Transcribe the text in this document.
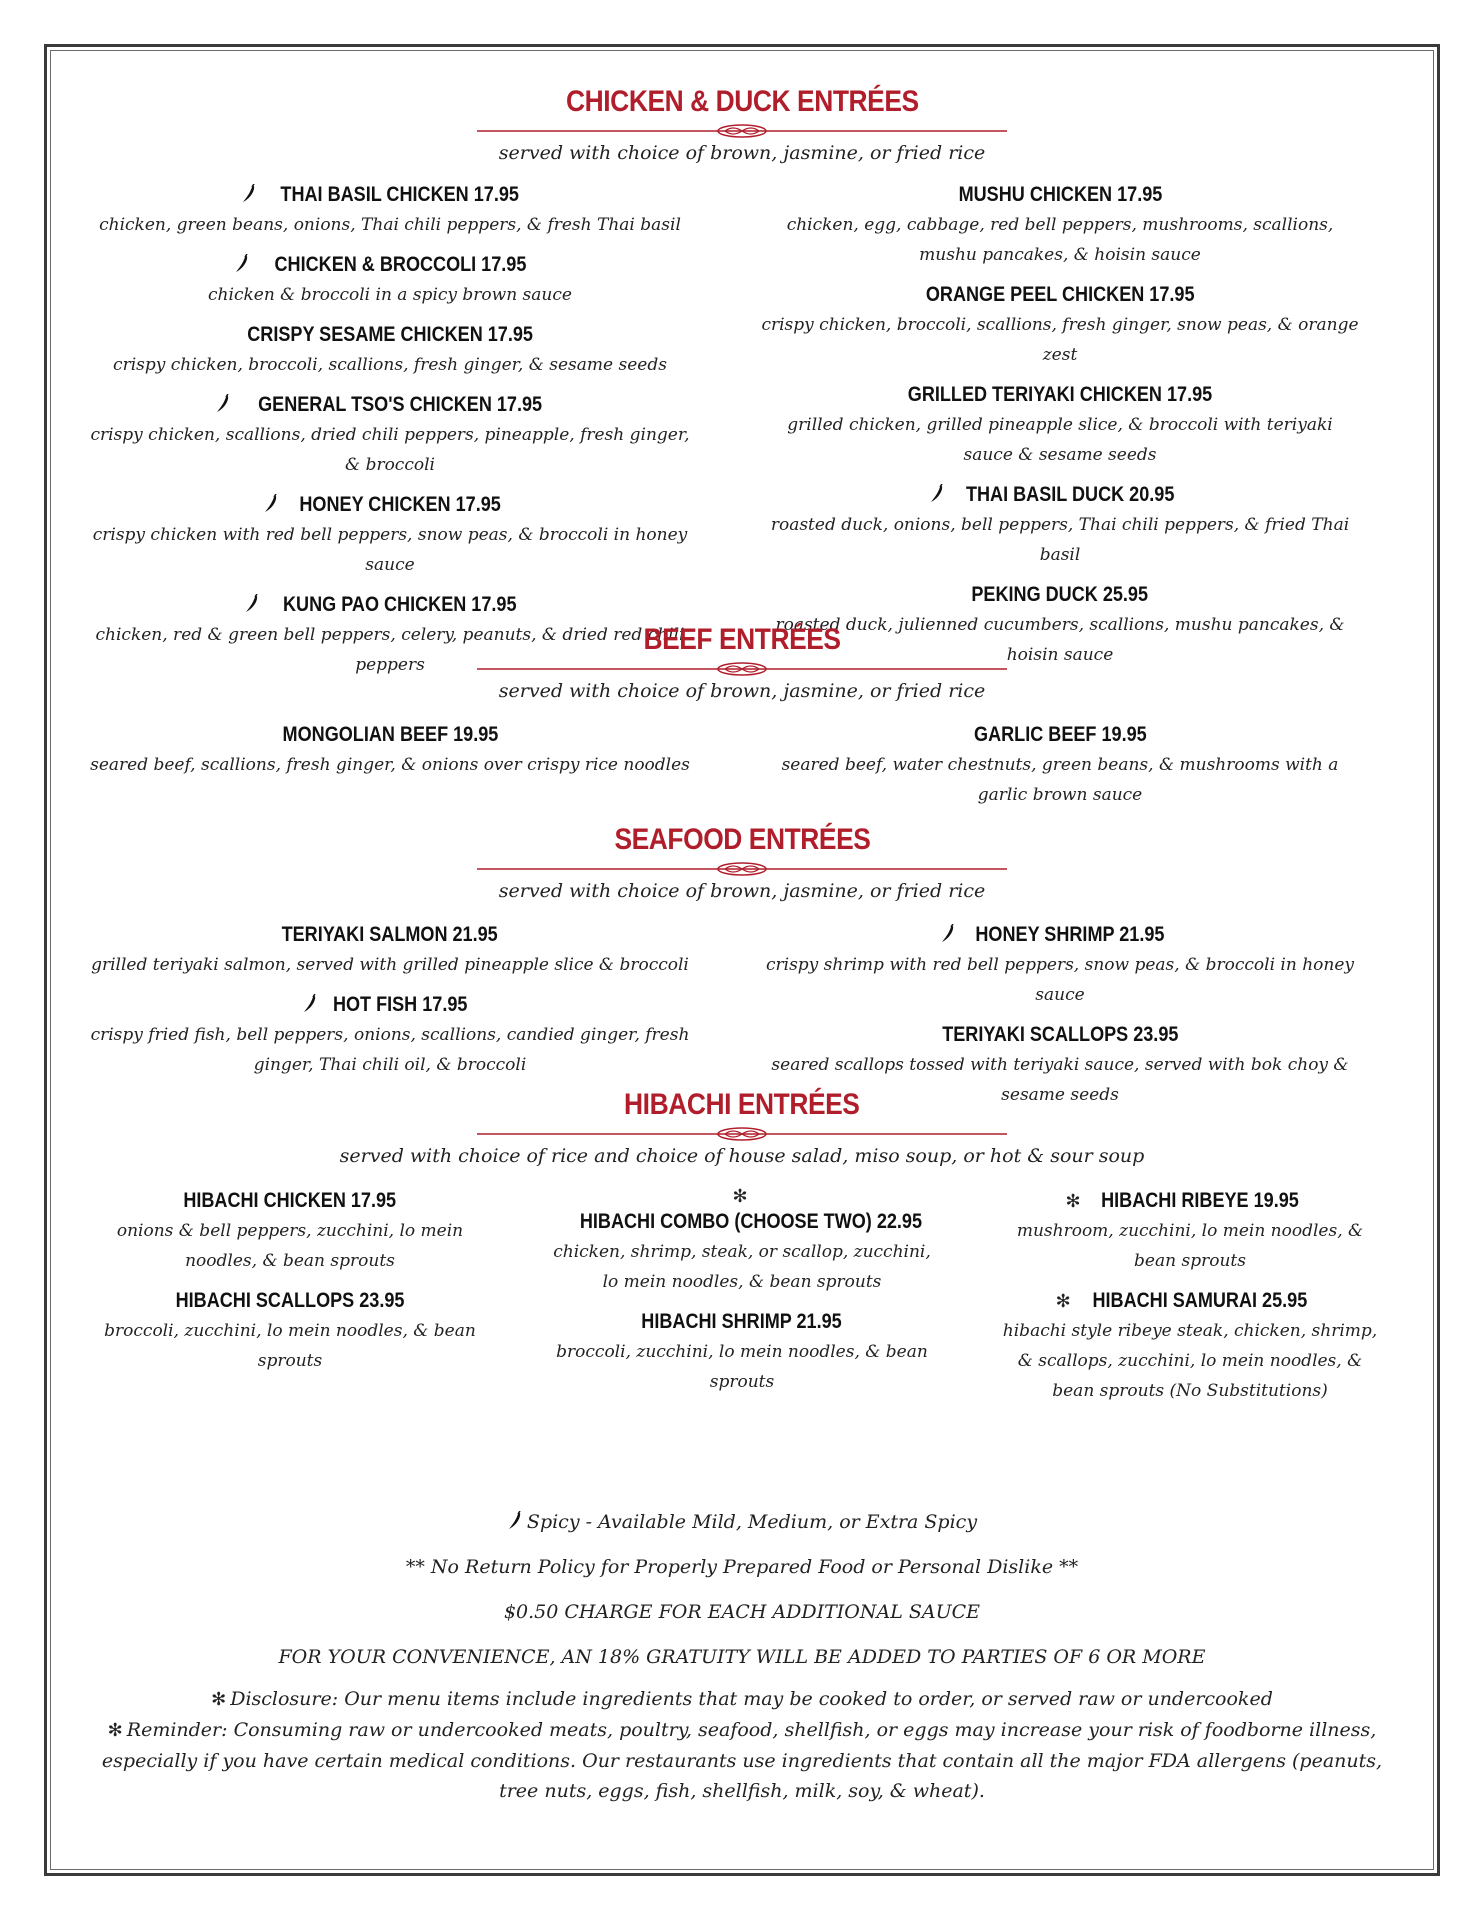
CHICKEN & DUCK ENTRÉES
served with choice of brown, jasmine, or fried rice
THAI BASIL CHICKEN 17.95
chicken, green beans, onions, Thai chili peppers, & fresh Thai basil
CHICKEN & BROCCOLI 17.95
chicken & broccoli in a spicy brown sauce
CRISPY SESAME CHICKEN 17.95
crispy chicken, broccoli, scallions, fresh ginger, & sesame seeds
GENERAL TSO'S CHICKEN 17.95
crispy chicken, scallions, dried chili peppers, pineapple, fresh ginger, & broccoli
HONEY CHICKEN 17.95
crispy chicken with red bell peppers, snow peas, & broccoli in honey sauce
KUNG PAO CHICKEN 17.95
chicken, red & green bell peppers, celery, peanuts, & dried red chili peppers
MUSHU CHICKEN 17.95
chicken, egg, cabbage, red bell peppers, mushrooms, scallions, mushu pancakes, & hoisin sauce
ORANGE PEEL CHICKEN 17.95
crispy chicken, broccoli, scallions, fresh ginger, snow peas, & orange zest
GRILLED TERIYAKI CHICKEN 17.95
grilled chicken, grilled pineapple slice, & broccoli with teriyaki sauce & sesame seeds
THAI BASIL DUCK 20.95
roasted duck, onions, bell peppers, Thai chili peppers, & fried Thai basil
PEKING DUCK 25.95
roasted duck, julienned cucumbers, scallions, mushu pancakes, & hoisin sauce
BEEF ENTRÉES
served with choice of brown, jasmine, or fried rice
MONGOLIAN BEEF 19.95
seared beef, scallions, fresh ginger, & onions over crispy rice noodles
GARLIC BEEF 19.95
seared beef, water chestnuts, green beans, & mushrooms with a garlic brown sauce
SEAFOOD ENTRÉES
served with choice of brown, jasmine, or fried rice
TERIYAKI SALMON 21.95
grilled teriyaki salmon, served with grilled pineapple slice & broccoli
HOT FISH 17.95
crispy fried fish, bell peppers, onions, scallions, candied ginger, fresh ginger, Thai chili oil, & broccoli
HONEY SHRIMP 21.95
crispy shrimp with red bell peppers, snow peas, & broccoli in honey sauce
TERIYAKI SCALLOPS 23.95
seared scallops tossed with teriyaki sauce, served with bok choy & sesame seeds
HIBACHI ENTRÉES
served with choice of rice and choice of house salad, miso soup, or hot & sour soup
HIBACHI CHICKEN 17.95
onions & bell peppers, zucchini, lo mein noodles, & bean sprouts
HIBACHI SCALLOPS 23.95
broccoli, zucchini, lo mein noodles, & bean sprouts
✻HIBACHI COMBO (CHOOSE TWO) 22.95
chicken, shrimp, steak, or scallop, zucchini, lo mein noodles, & bean sprouts
HIBACHI SHRIMP 21.95
broccoli, zucchini, lo mein noodles, & bean sprouts
✻ HIBACHI RIBEYE 19.95
mushroom, zucchini, lo mein noodles, & bean sprouts
✻ HIBACHI SAMURAI 25.95
hibachi style ribeye steak, chicken, shrimp, & scallops, zucchini, lo mein noodles, & bean sprouts (No Substitutions)

Spicy - Available Mild, Medium, or Extra Spicy

** No Return Policy for Properly Prepared Food or Personal Dislike **

$0.50 CHARGE FOR EACH ADDITIONAL SAUCE

FOR YOUR CONVENIENCE, AN 18% GRATUITY WILL BE ADDED TO PARTIES OF 6 OR MORE

✻ Disclosure: Our menu items include ingredients that may be cooked to order, or served raw or undercooked

✻ Reminder: Consuming raw or undercooked meats, poultry, seafood, shellfish, or eggs may increase your risk of foodborne illness, especially if you have certain medical conditions. Our restaurants use ingredients that contain all the major FDA allergens (peanuts, tree nuts, eggs, fish, shellfish, milk, soy, & wheat).
